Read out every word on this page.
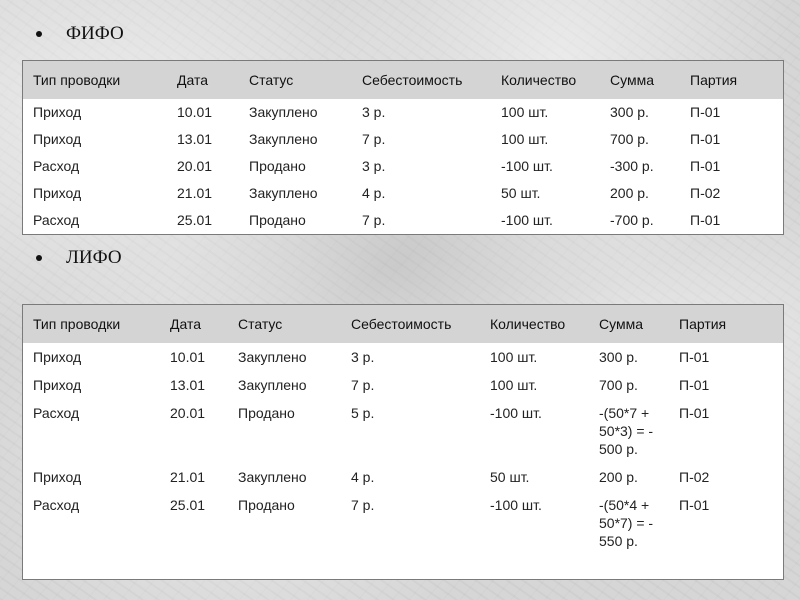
ФИФО
Тип проводки	Дата	Статус	Себестоимость	Количество	Сумма	Партия
Приход	10.01	Закуплено	3 р.	100 шт.	300 р.	П-01
Приход	13.01	Закуплено	7 р.	100 шт.	700 р.	П-01
Расход	20.01	Продано	3 р.	-100 шт.	-300 р.	П-01
Приход	21.01	Закуплено	4 р.	50 шт.	200 р.	П-02
Расход	25.01	Продано	7 р.	-100 шт.	-700 р.	П-01
ЛИФО
Тип проводки	Дата	Статус	Себестоимость	Количество	Сумма	Партия
Приход	10.01	Закуплено	3 р.	100 шт.	300 р.	П-01
Приход	13.01	Закуплено	7 р.	100 шт.	700 р.	П-01
Расход	20.01	Продано	5 р.	-100 шт.	-(50*7 + 50*3) = - 500 р.	П-01
Приход	21.01	Закуплено	4 р.	50 шт.	200 р.	П-02
Расход	25.01	Продано	7 р.	-100 шт.	-(50*4 + 50*7) = - 550 р.	П-01
